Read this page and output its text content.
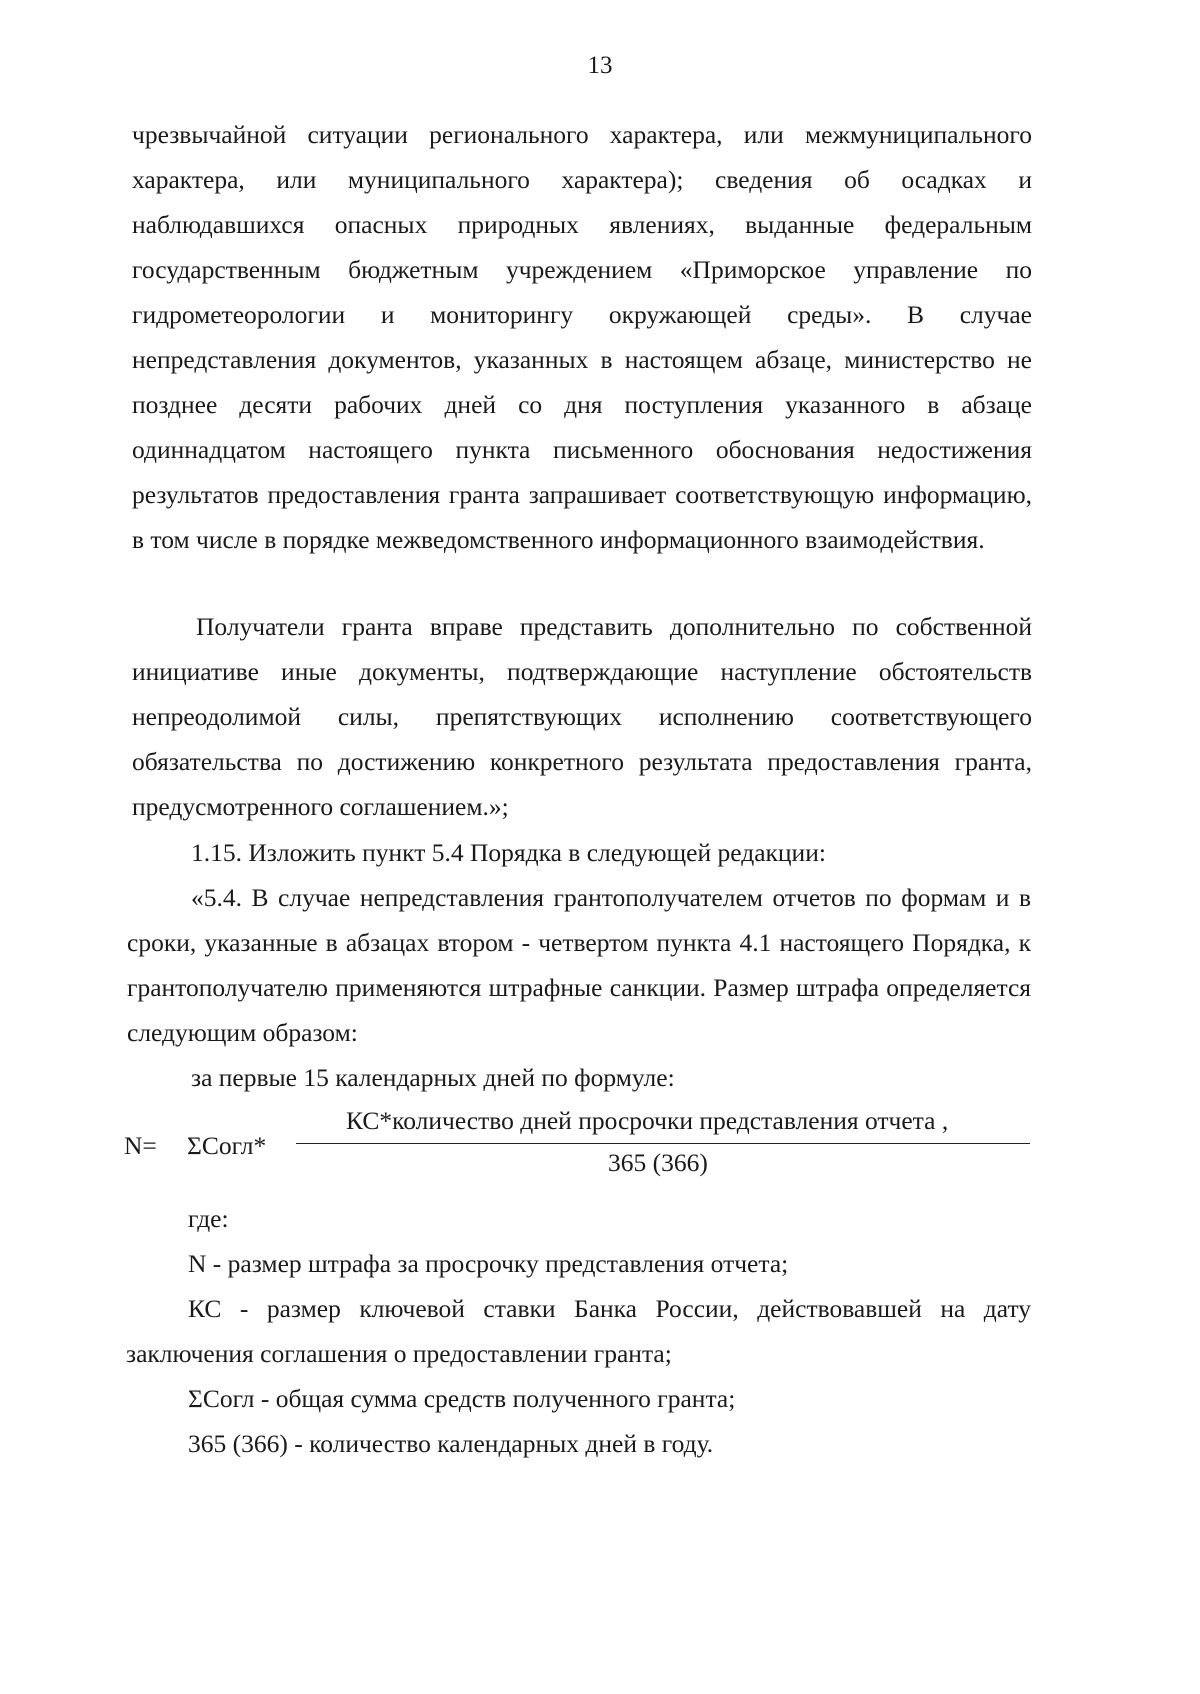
13

чрезвычайной ситуации регионального характера, или межмуниципального характера, или муниципального характера); сведения об осадках и наблюдавшихся опасных природных явлениях, выданные федеральным государственным бюджетным учреждением «Приморское управление по гидрометеорологии и мониторингу окружающей среды». В случае непредставления документов, указанных в настоящем абзаце, министерство не позднее десяти рабочих дней со дня поступления указанного в абзаце одиннадцатом настоящего пункта письменного обоснования недостижения результатов предоставления гранта запрашивает соответствующую информацию, в том числе в порядке межведомственного информационного взаимодействия.

Получатели гранта вправе представить дополнительно по собственной инициативе иные документы, подтверждающие наступление обстоятельств непреодолимой силы, препятствующих исполнению соответствующего обязательства по достижению конкретного результата предоставления гранта, предусмотренного соглашением.»;

1.15. Изложить пункт 5.4 Порядка в следующей редакции:

«5.4. В случае непредставления грантополучателем отчетов по формам и в сроки, указанные в абзацах втором - четвертом пункта 4.1 настоящего Порядка, к грантополучателю применяются штрафные санкции. Размер штрафа определяется следующим образом:

за первые 15 календарных дней по формуле:

N= ΣСогл*
КС*количество дней просрочки представления отчета ,
365 (366)

где:

N - размер штрафа за просрочку представления отчета;

КС - размер ключевой ставки Банка России, действовавшей на дату заключения соглашения о предоставлении гранта;

ΣСогл - общая сумма средств полученного гранта;

365 (366) - количество календарных дней в году.
